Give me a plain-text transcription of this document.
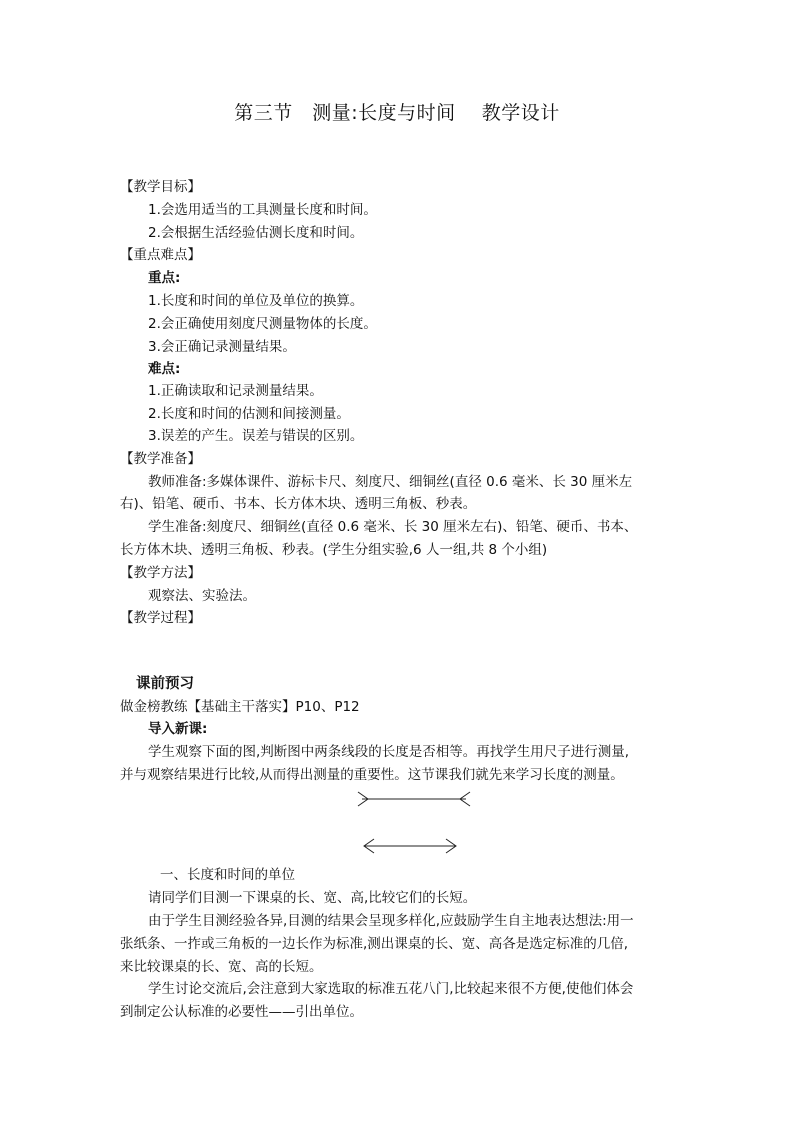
第三节　测量:长度与时间　 教学设计
【教学目标】
1.会选用适当的工具测量长度和时间。
2.会根据生活经验估测长度和时间。
【重点难点】
重点:
1.长度和时间的单位及单位的换算。
2.会正确使用刻度尺测量物体的长度。
3.会正确记录测量结果。
难点:
1.正确读取和记录测量结果。
2.长度和时间的估测和间接测量。
3.误差的产生。误差与错误的区别。
【教学准备】
教师准备:多媒体课件、游标卡尺、刻度尺、细铜丝(直径 0.6 毫米、长 30 厘米左
右)、铅笔、硬币、书本、长方体木块、透明三角板、秒表。
学生准备:刻度尺、细铜丝(直径 0.6 毫米、长 30 厘米左右)、铅笔、硬币、书本、
长方体木块、透明三角板、秒表。(学生分组实验,6 人一组,共 8 个小组)
【教学方法】
观察法、实验法。
【教学过程】
课前预习
做金榜教练【基础主干落实】P10、P12
导入新课:
学生观察下面的图,判断图中两条线段的长度是否相等。再找学生用尺子进行测量,
并与观察结果进行比较,从而得出测量的重要性。这节课我们就先来学习长度的测量。
一、长度和时间的单位
请同学们目测一下课桌的长、宽、高,比较它们的长短。
由于学生目测经验各异,目测的结果会呈现多样化,应鼓励学生自主地表达想法:用一
张纸条、一拃或三角板的一边长作为标准,测出课桌的长、宽、高各是选定标准的几倍,
来比较课桌的长、宽、高的长短。
学生讨论交流后,会注意到大家选取的标准五花八门,比较起来很不方便,使他们体会
到制定公认标准的必要性——引出单位。
